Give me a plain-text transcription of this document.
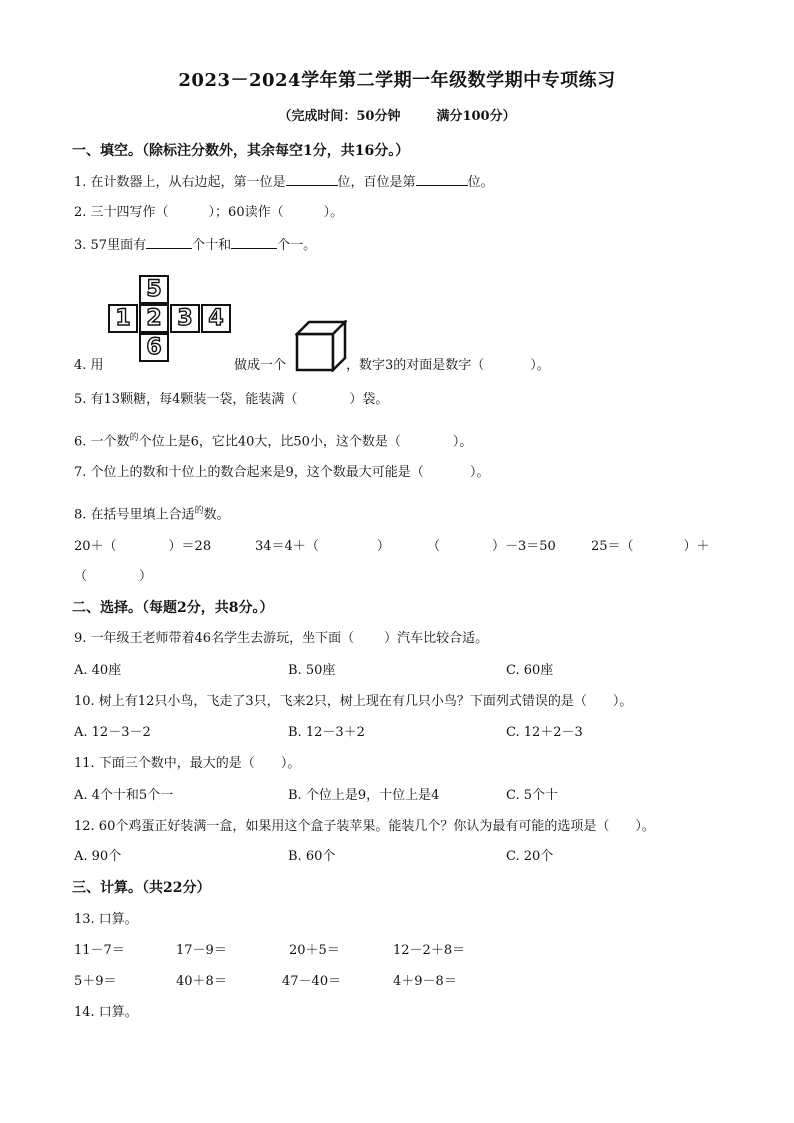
2023－2024学年第二学期一年级数学期中专项练习
（完成时间：50分钟	满分100分）
一、填空。（除标注分数外，其余每空1分，共16分。）
1. 在计数器上，从右边起，第一位是	位，百位是第	位。
2. 三十四写作（	）；60读作（	）。
3. 57里面有	个十和	个一。
5
1 2 3 4
6
4. 用	做成一个	，数字3的对面是数字（	）。
5. 有13颗糖，每4颗装一袋，能装满（	）袋。
6. 一个数$^的$个位上是6，它比40大，比50小，这个数是（	）。
7. 个位上的数和十位上的数合起来是9，这个数最大可能是（	）。
8. 在括号里填上合适$^的$数。
20＋（	）＝28	34＝4＋（	）	（	）－3＝50	25＝（	）＋
（	）
二、选择。（每题2分，共8分。）
9. 一年级王老师带着46名学生去游玩，坐下面（ ）汽车比较合适。
A. 40座	B. 50座	C. 60座
10. 树上有12只小鸟，飞走了3只，飞来2只，树上现在有几只小鸟？下面列式错误的是（ ）。
A. 12－3－2	B. 12－3＋2	C. 12＋2－3
11. 下面三个数中，最大的是（ ）。
A. 4个十和5个一	B. 个位上是9，十位上是4	C. 5个十
12. 60个鸡蛋正好装满一盒，如果用这个盒子装苹果。能装几个？你认为最有可能的选项是（ ）。
A. 90个	B. 60个	C. 20个
三、计算。（共22分）
13. 口算。
11－7＝	17－9＝	20＋5＝	12－2＋8＝
5＋9＝	40＋8＝	47－40＝	4＋9－8＝
14. 口算。
